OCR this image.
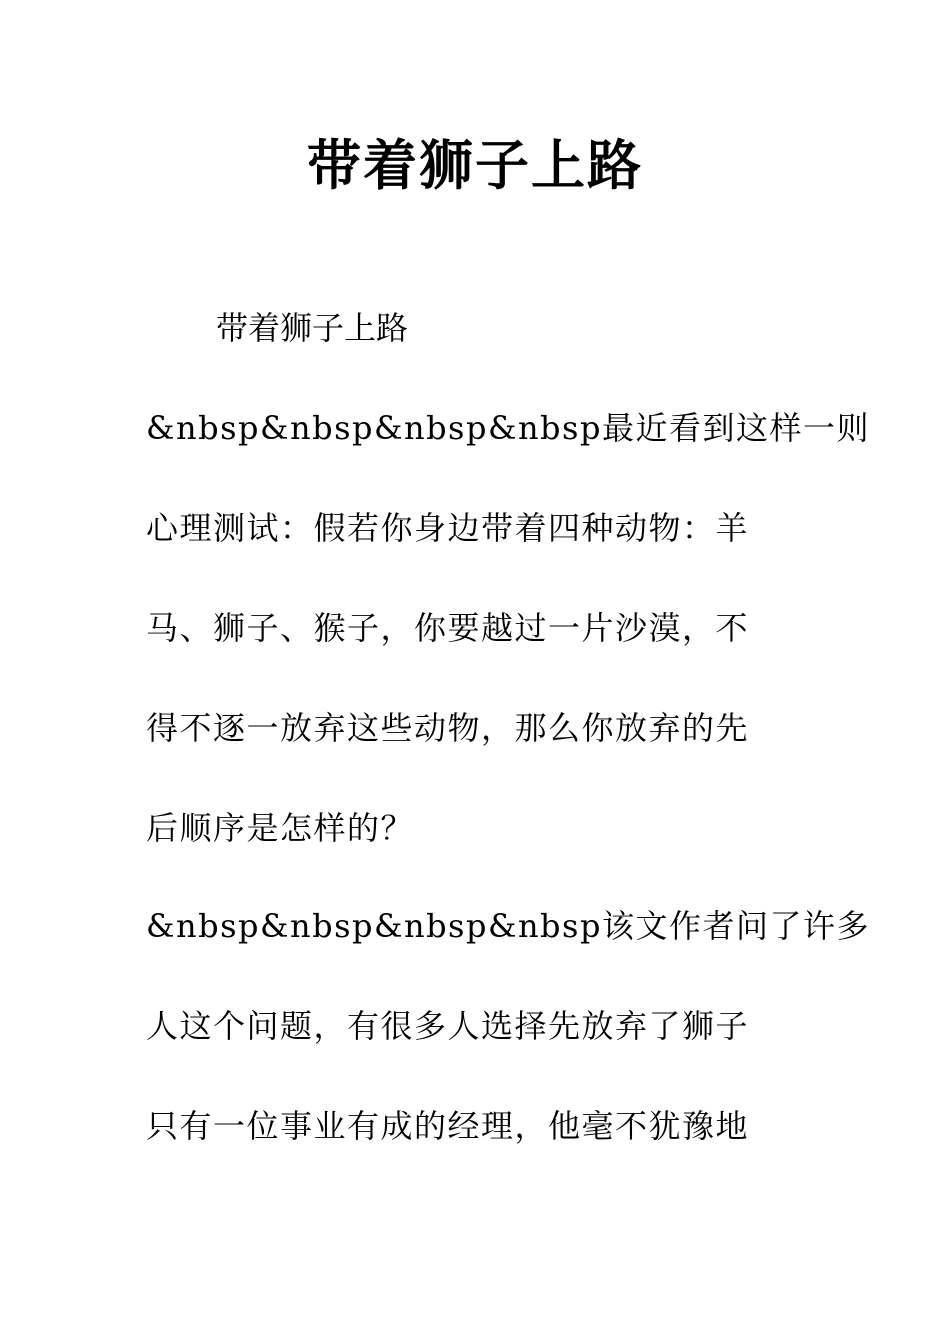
带着狮子上路

带着狮子上路

&nbsp&nbsp&nbsp&nbsp最近看到这样一则

心理测试：假若你身边带着四种动物：羊

马、狮子、猴子，你要越过一片沙漠，不

得不逐一放弃这些动物，那么你放弃的先

后顺序是怎样的？

&nbsp&nbsp&nbsp&nbsp该文作者问了许多

人这个问题，有很多人选择先放弃了狮子

只有一位事业有成的经理，他毫不犹豫地
